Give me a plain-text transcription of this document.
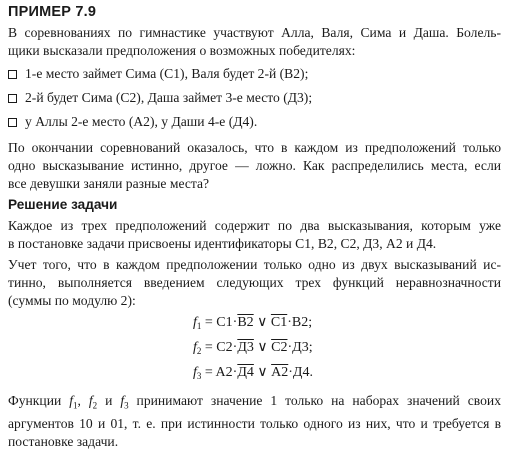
ПРИМЕР 7.9
В соревнованиях по гимнастике участвуют Алла, Валя, Сима и Даша. Болель-
щики высказали предположения о возможных победителях:
1-е место займет Сима (С1), Валя будет 2-й (В2);
2-й будет Сима (С2), Даша займет 3-е место (Д3);
у Аллы 2-е место (А2), у Даши 4-е (Д4).
По окончании соревнований оказалось, что в каждом из предположений только
одно высказывание истинно, другое — ложно. Как распределились места, если
все девушки заняли разные места?
Решение задачи
Каждое из трех предположений содержит по два высказывания, которым уже
в постановке задачи присвоены идентификаторы С1, В2, С2, Д3, А2 и Д4.
Учет того, что в каждом предположении только одно из двух высказываний ис-
тинно, выполняется введением следующих трех функций неравнозначности
(суммы по модулю 2):
$f_1 = C1\cdot B2$ ∨ C1·B2;
$f_2 = C2\cdot Д3$ ∨ C2·Д3;
$f_3 = A2\cdot Д4$ ∨ A2·Д4.
Функции $f_1$, $f_2$ и $f_3$ принимают значение 1 только на наборах значений своих
аргументов 10 и 01, т. е. при истинности только одного из них, что и требуется в
постановке задачи.
